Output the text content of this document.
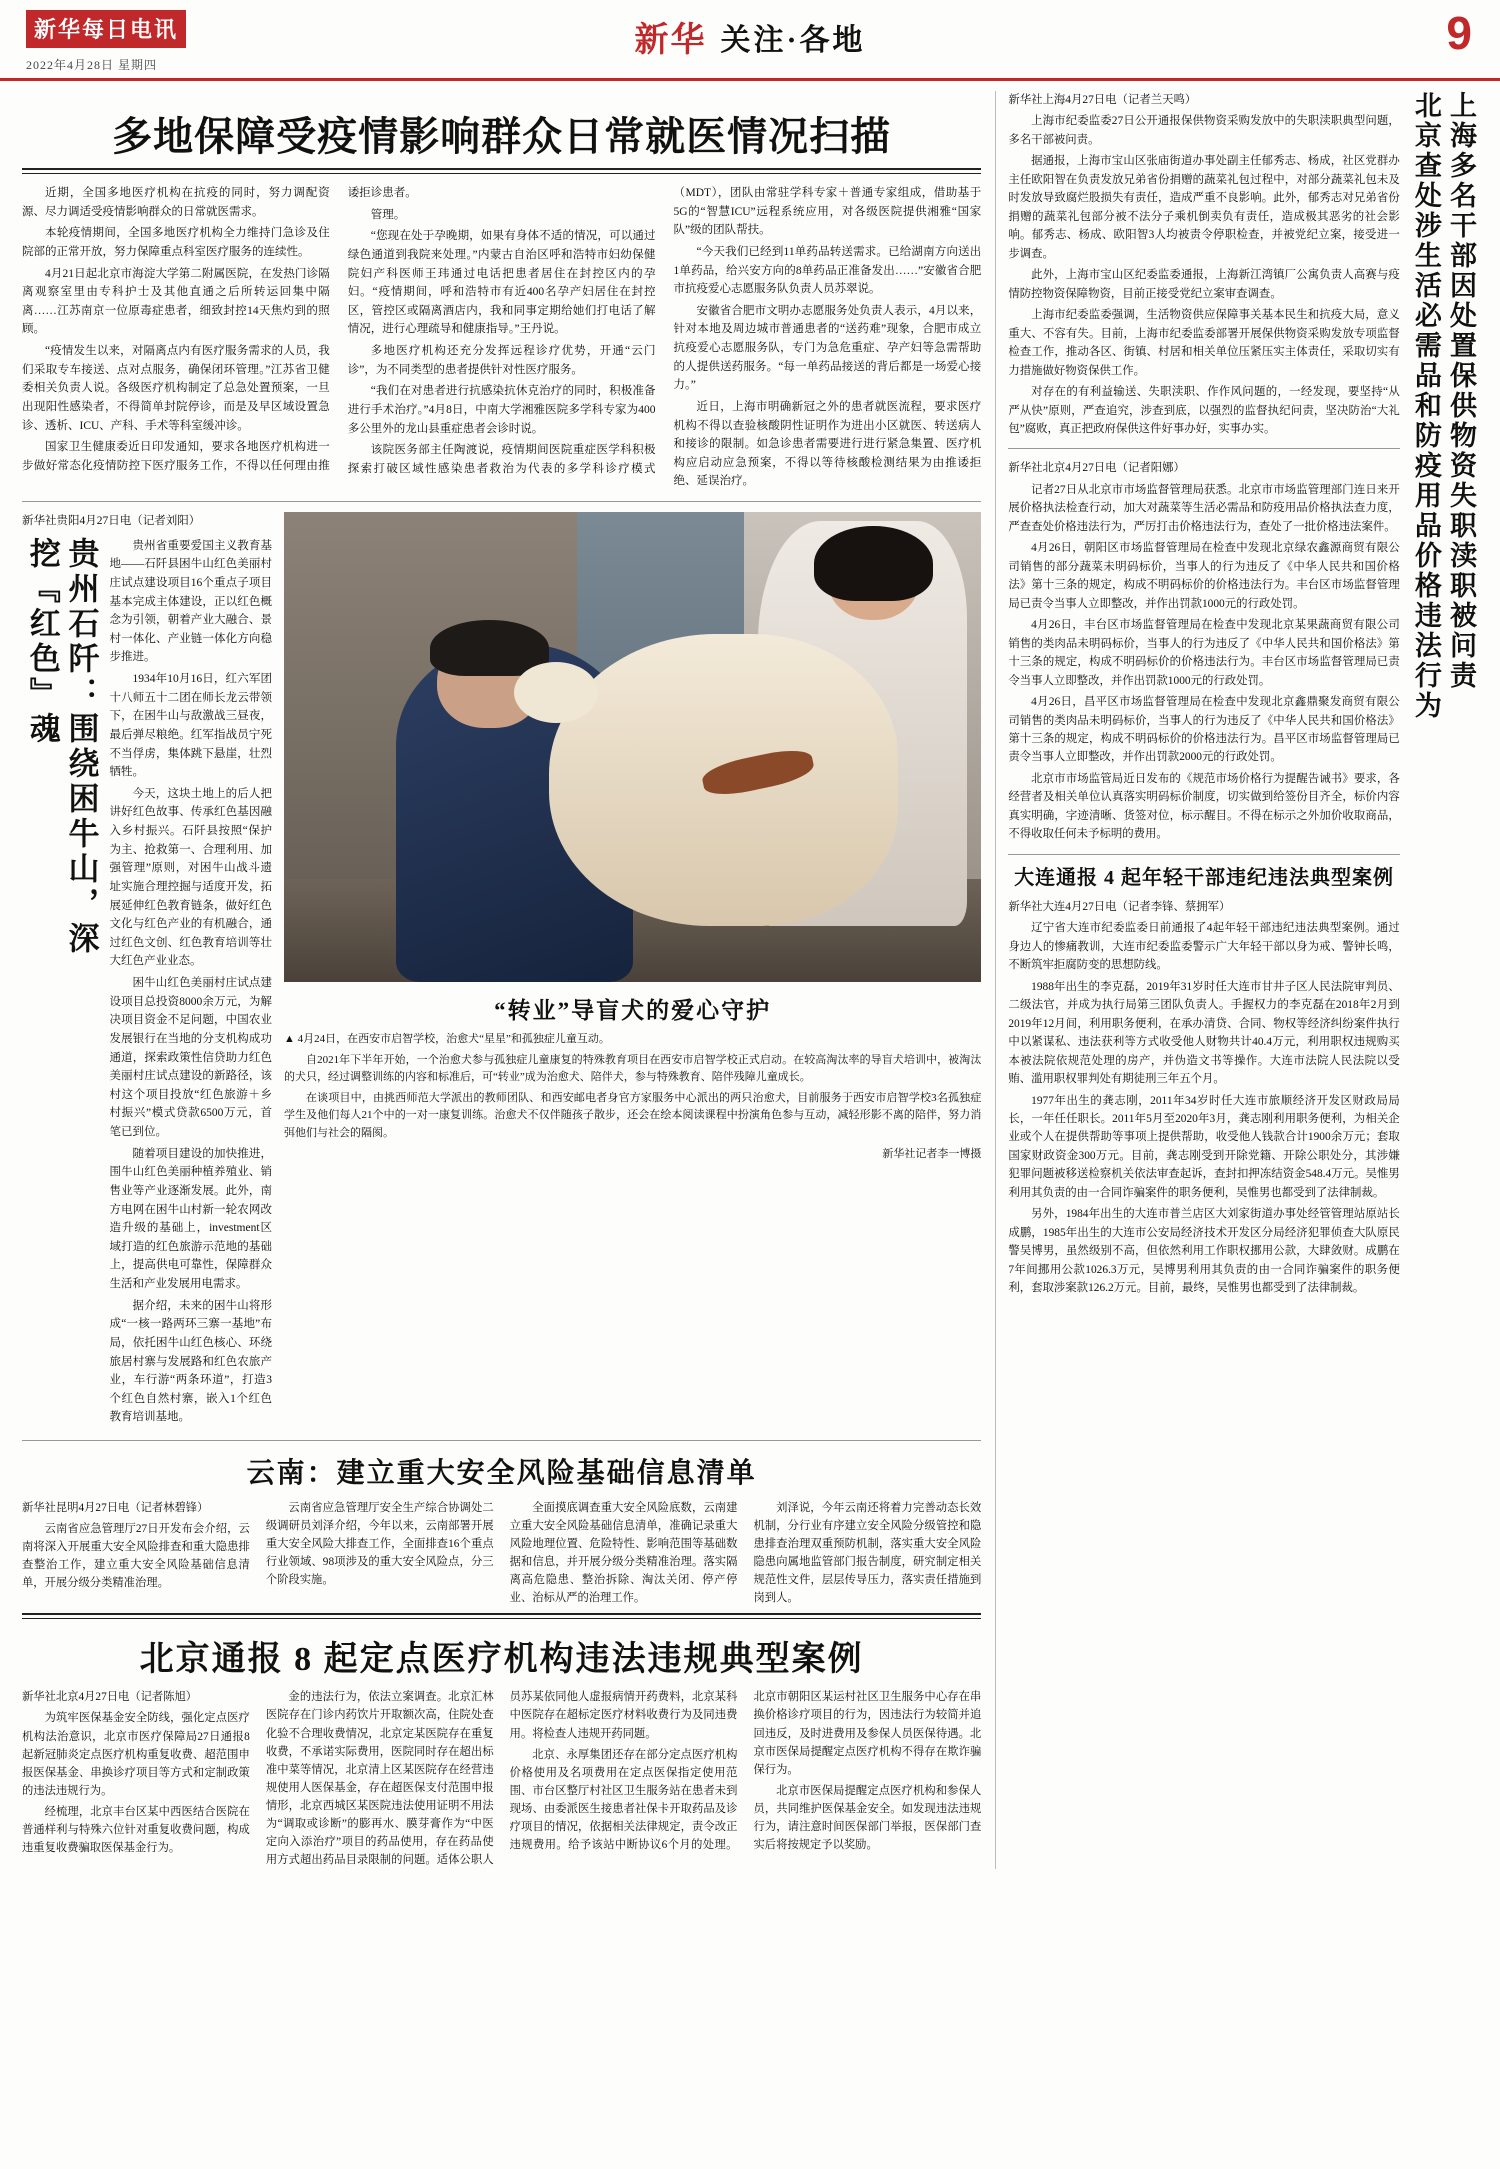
新华每日电讯
2022年4月28日 星期四
新华 关注·各地	9
多地保障受疫情影响群众日常就医情况扫描

近期，全国多地医疗机构在抗疫的同时，努力调配资源、尽力调适受疫情影响群众的日常就医需求。

本轮疫情期间，全国多地医疗机构全力维持门急诊及住院部的正常开放，努力保障重点科室医疗服务的连续性。

4月21日起北京市海淀大学第二附属医院，在发热门诊隔离观察室里由专科护士及其他直通之后所转运回集中隔离……江苏南京一位原毒症患者，细致封控14天焦灼到的照顾。

“疫情发生以来，对隔离点内有医疗服务需求的人员，我们采取专车接送、点对点服务，确保闭环管理。”江苏省卫健委相关负责人说。各级医疗机构制定了总急处置预案，一旦出现阳性感染者，不得简单封院停诊，而是及早区域设置急诊、透析、ICU、产科、手术等科室缓冲诊。

国家卫生健康委近日印发通知，要求各地医疗机构进一步做好常态化疫情防控下医疗服务工作，不得以任何理由推诿拒诊患者。

管理。

“您现在处于孕晚期，如果有身体不适的情况，可以通过绿色通道到我院来处理。”内蒙古自治区呼和浩特市妇幼保健院妇产科医师王玮通过电话把患者居住在封控区内的孕妇。“疫情期间，呼和浩特市有近400名孕产妇居住在封控区，管控区或隔离酒店内，我和同事定期给她们打电话了解情况，进行心理疏导和健康指导。”王丹说。

多地医疗机构还充分发挥远程诊疗优势，开通“云门诊”，为不同类型的患者提供针对性医疗服务。

“我们在对患者进行抗感染抗休克治疗的同时，积极准备进行手术治疗。”4月8日，中南大学湘雅医院多学科专家为400多公里外的龙山县重症患者会诊时说。

该院医务部主任陶渡说，疫情期间医院重症医学科积极探索打破区域性感染患者救治为代表的多学科诊疗模式（MDT），团队由常驻学科专家＋普通专家组成，借助基于5G的“智慧ICU”远程系统应用，对各级医院提供湘雅“国家队”级的团队帮扶。

“今天我们已经到11单药品转送需求。已给湖南方向送出1单药品，给兴安方向的8单药品正准备发出……”安徽省合肥市抗疫爱心志愿服务队负责人员苏翠说。

安徽省合肥市文明办志愿服务处负责人表示，4月以来，针对本地及周边城市普通患者的“送药难”现象，合肥市成立抗疫爱心志愿服务队，专门为急危重症、孕产妇等急需帮助的人提供送药服务。“每一单药品接送的背后都是一场爱心接力。”

近日，上海市明确新冠之外的患者就医流程，要求医疗机构不得以查验核酸阴性证明作为进出小区就医、转送病人和接诊的限制。如急诊患者需要进行进行紧急集置、医疗机构应启动应急预案，不得以等待核酸检测结果为由推诿拒绝、延误治疗。

新华社贵阳4月27日电（记者刘阳）

贵州石阡：围绕困牛山，深挖『红色』魂	贵州省重要爱国主义教育基地——石阡县困牛山红色美丽村庄试点建设项目16个重点子项目基本完成主体建设，正以红色概念为引领，朝着产业大融合、景村一体化、产业链一体化方向稳步推进。

1934年10月16日，红六军团十八师五十二团在师长龙云带领下，在困牛山与敌激战三昼夜，最后弹尽粮绝。红军指战员宁死不当俘虏，集体跳下悬崖，壮烈牺牲。

今天，这块土地上的后人把讲好红色故事、传承红色基因融入乡村振兴。石阡县按照“保护为主、抢救第一、合理利用、加强管理”原则，对困牛山战斗遗址实施合理控掘与适度开发，拓展延伸红色教育链条，做好红色文化与红色产业的有机融合，通过红色文创、红色教育培训等壮大红色产业业态。

困牛山红色美丽村庄试点建设项目总投资8000余万元，为解决项目资金不足问题，中国农业发展银行在当地的分支机构成功通道，探索政策性信贷助力红色美丽村庄试点建设的新路径，该村这个项目投放“红色旅游＋乡村振兴”模式贷款6500万元，首笔已到位。

随着项目建设的加快推进，围牛山红色美丽种植养殖业、销售业等产业逐渐发展。此外，南方电网在困牛山村新一轮农网改造升级的基础上，investment区域打造的红色旅游示范地的基础上，提高供电可靠性，保障群众生活和产业发展用电需求。

据介绍，未来的困牛山将形成“一核一路两环三寨一基地”布局，依托困牛山红色核心、环绕旅居村寨与发展路和红色农旅产业，车行游“两条环道”，打造3个红色自然村寨，嵌入1个红色教育培训基地。

“转业”导盲犬的爱心守护

▲ 4月24日，在西安市启智学校，治愈犬“星星”和孤独症儿童互动。

自2021年下半年开始，一个治愈犬参与孤独症儿童康复的特殊教育项目在西安市启智学校正式启动。在较高淘汰率的导盲犬培训中，被淘汰的犬只，经过调整训练的内容和标准后，可“转业”成为治愈犬、陪伴犬，参与特殊教育、陪伴残障儿童成长。

在谈项目中，由挑西师范大学派出的教师团队、和西安邮电者身官方家服务中心派出的两只治愈犬，目前服务于西安市启智学校3名孤独症学生及他们每人21个中的一对一康复训练。治愈犬不仅伴随孩子散步，还会在绘本阅读课程中扮演角色参与互动，减轻形影不离的陪伴，努力消弭他们与社会的隔阂。

新华社记者李一博摄
云南：建立重大安全风险基础信息清单

新华社昆明4月27日电（记者林碧锋）

云南省应急管理厅27日开发布会介绍，云南将深入开展重大安全风险排查和重大隐患排查整治工作，建立重大安全风险基础信息清单，开展分级分类精准治理。

云南省应急管理厅安全生产综合协调处二级调研员刘泽介绍，今年以来，云南部署开展重大安全风险大排查工作，全面排查16个重点行业领域、98项涉及的重大安全风险点，分三个阶段实施。

全面摸底调查重大安全风险底数，云南建立重大安全风险基础信息清单，准确记录重大风险地理位置、危险特性、影响范围等基础数据和信息，并开展分级分类精准治理。落实隔离高危隐患、整治拆除、淘汰关闭、停产停业、治标从严的治理工作。

刘泽说，今年云南还将着力完善动态长效机制，分行业有序建立安全风险分级管控和隐患排查治理双重预防机制，落实重大安全风险隐患向属地监管部门报告制度，研究制定相关规范性文件，层层传导压力，落实责任措施到岗到人。

北京通报 8 起定点医疗机构违法违规典型案例

新华社北京4月27日电（记者陈旭）

为筑牢医保基金安全防线，强化定点医疗机构法治意识，北京市医疗保障局27日通报8起新冠肺炎定点医疗机构重复收费、超范围申报医保基金、串换诊疗项目等方式和定制政策的违法违规行为。

经梳理，北京丰台区某中西医结合医院在普通样利与特殊六位针对重复收费问题，构成违重复收费骗取医保基金行为。

金的违法行为，依法立案调查。北京汇林医院存在门诊内药饮片开取额次高，住院处查化验不合理收费情况，北京定某医院存在重复收费，不承诺实际费用，医院同时存在超出标准中菜等情况，北京清上区某医院存在经营违规使用人医保基金，存在超医保支付范围申报情形，北京西城区某医院违法使用证明不用法为“调取或诊断”的膨再水、膜芽膏作为“中医定向入添治疗”项目的药品使用，存在药品使用方式超出药品目录限制的问题。适体公职人员苏某依同他人虚报病情开药费料，北京某科中医院存在超标定医疗材料收费行为及同违费用。将检查人违规开药同题。

北京、永厚集团还存在部分定点医疗机构价格使用及名项费用在定点医保指定使用范围、市台区整厅村社区卫生服务站在患者未到现场、由委派医生接患者社保卡开取药品及诊疗项目的情况，依据相关法律规定，责令改正违规费用。给予该站中断协议6个月的处理。北京市朝阳区某运村社区卫生服务中心存在串换价格诊疗项目的行为，因违法行为较简并追回违反，及时进费用及参保人员医保待遇。北京市医保局提醒定点医疗机构不得存在欺诈骗保行为。

北京市医保局提醒定点医疗机构和参保人员，共同维护医保基金安全。如发现违法违规行为，请注意时间医保部门举报，医保部门查实后将按规定予以奖励。

上海多名干部因处置保供物资失职渎职被问责
北京查处涉生活必需品和防疫用品价格违法行为

新华社上海4月27日电（记者兰天鸣）

上海市纪委监委27日公开通报保供物资采购发放中的失职渎职典型问题，多名干部被问责。

据通报，上海市宝山区张庙街道办事处副主任郁秀志、杨成，社区党群办主任欧阳智在负责发放兄弟省份捐赠的蔬菜礼包过程中，对部分蔬菜礼包未及时发放导致腐烂股损失有责任，造成严重不良影响。此外，郁秀志对兄弟省份捐赠的蔬菜礼包部分被不法分子乘机倒卖负有责任，造成极其恶劣的社会影响。郁秀志、杨成、欧阳智3人均被责令停职检查，并被党纪立案，接受进一步调查。

此外，上海市宝山区纪委监委通报，上海新江湾镇厂公寓负责人高赛与疫情防控物资保障物资，目前正接受党纪立案审查调查。

上海市纪委监委强调，生活物资供应保障事关基本民生和抗疫大局，意义重大、不容有失。目前，上海市纪委监委部署开展保供物资采购发放专项监督检查工作，推动各区、街镇、村居和相关单位压紧压实主体责任，采取切实有力措施做好物资保供工作。

对存在的有利益输送、失职渎职、作作风问题的，一经发现，要坚持“从严从快”原则，严查追究，涉查到底，以强烈的监督执纪问责，坚决防治“大礼包”腐败，真正把政府保供这件好事办好，实事办实。

新华社北京4月27日电（记者阳娜）

记者27日从北京市市场监督管理局获悉。北京市市场监管理部门连日来开展价格执法检查行动，加大对蔬菜等生活必需品和防疫用品价格执法查力度，严查查处价格违法行为，严厉打击价格违法行为，查处了一批价格违法案件。

4月26日，朝阳区市场监督管理局在检查中发现北京绿农鑫源商贸有限公司销售的部分蔬菜未明码标价，当事人的行为违反了《中华人民共和国价格法》第十三条的规定，构成不明码标价的价格违法行为。丰台区市场监督管理局已责令当事人立即整改，并作出罚款1000元的行政处罚。

4月26日，丰台区市场监督管理局在检查中发现北京某果蔬商贸有限公司销售的类肉品未明码标价，当事人的行为违反了《中华人民共和国价格法》第十三条的规定，构成不明码标价的价格违法行为。丰台区市场监督管理局已责令当事人立即整改，并作出罚款1000元的行政处罚。

4月26日，昌平区市场监督管理局在检查中发现北京鑫鼎聚发商贸有限公司销售的类肉品未明码标价，当事人的行为违反了《中华人民共和国价格法》第十三条的规定，构成不明码标价的价格违法行为。昌平区市场监督管理局已责令当事人立即整改，并作出罚款2000元的行政处罚。

北京市市场监管局近日发布的《规范市场价格行为提醒告诫书》要求，各经营者及相关单位认真落实明码标价制度，切实做到给签份目齐全，标价内容真实明确，字迹清晰、货签对位，标示醒目。不得在标示之外加价收取商品，不得收取任何未予标明的费用。

大连通报 4 起年轻干部违纪违法典型案例

新华社大连4月27日电（记者李锋、蔡拥军）

辽宁省大连市纪委监委日前通报了4起年轻干部违纪违法典型案例。通过身边人的惨痛教训，大连市纪委监委警示广大年轻干部以身为戒、警钟长鸣，不断筑牢拒腐防变的思想防线。

1988年出生的李克磊，2019年31岁时任大连市甘井子区人民法院审判员、二级法官，并成为执行局第三团队负责人。手握权力的李克磊在2018年2月到2019年12月间，利用职务便利，在承办清贷、合同、物权等经济纠纷案件执行中以紧谋私、违法获利等方式收受他人财物共计40.4万元，利用职权违规购买本被法院依规范处理的房产，并伪造文书等操作。大连市法院人民法院以受贿、滥用职权罪判处有期徒刑三年五个月。

1977年出生的龚志刚，2011年34岁时任大连市旅顺经济开发区财政局局长，一年任任职长。2011年5月至2020年3月，龚志刚利用职务便利，为相关企业或个人在提供帮助等事项上提供帮助，收受他人钱款合计1900余万元；套取国家财政资金300万元。目前，龚志刚受到开除党籍、开除公职处分，其涉嫌犯罪问题被移送检察机关依法审查起诉，查封扣押冻结资金548.4万元。吴惟男利用其负责的由一合同诈骗案件的职务便利，吴惟男也都受到了法律制裁。

另外，1984年出生的大连市普兰店区大刘家街道办事处经管管理站原站长成鹏，1985年出生的大连市公安局经济技术开发区分局经济犯罪侦查大队原民警吴博男，虽然级别不高，但依然利用工作职权挪用公款，大肆敛财。成鹏在7年间挪用公款1026.3万元，吴博男利用其负责的由一合同诈骗案件的职务便利，套取涉案款126.2万元。目前，最终，吴惟男也都受到了法律制裁。
